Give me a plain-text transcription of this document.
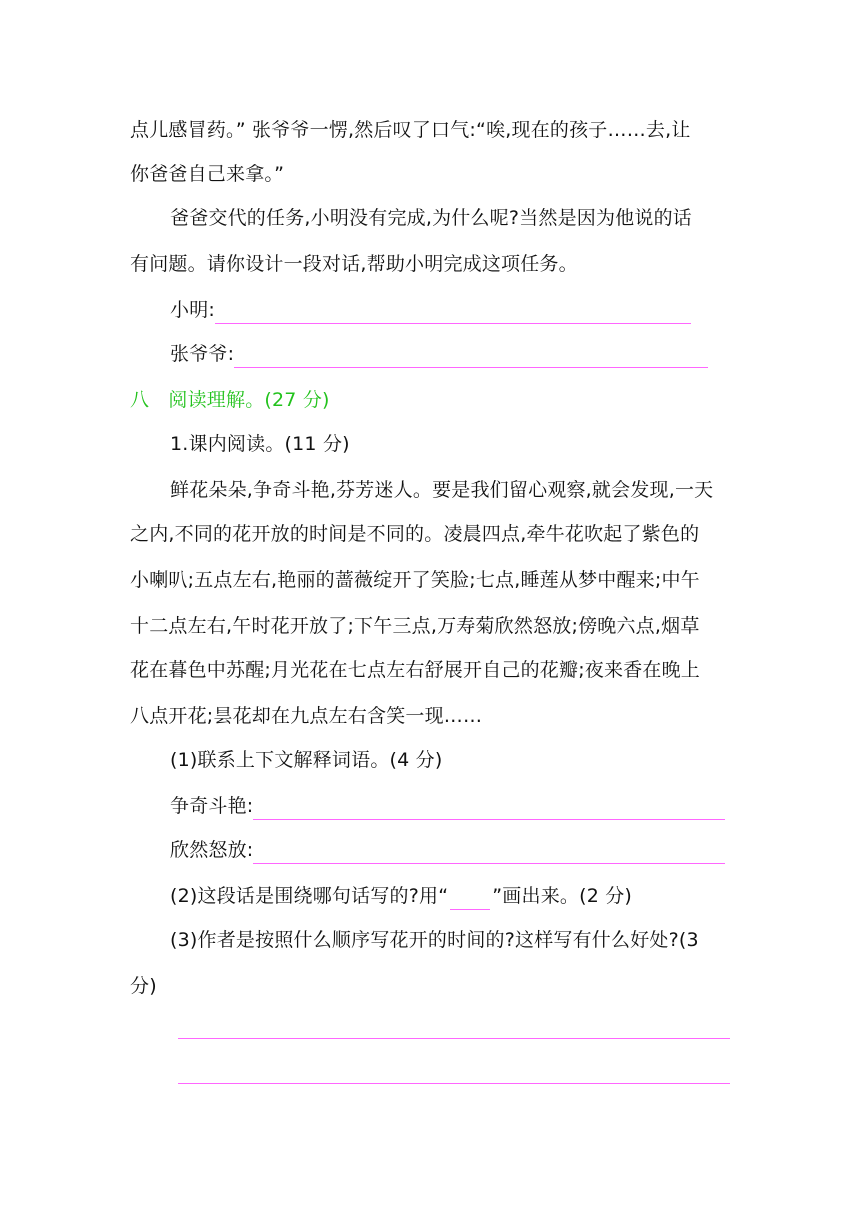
点儿感冒药。” 张爷爷一愣,然后叹了口气:“唉,现在的孩子……去,让
你爸爸自己来拿。”
爸爸交代的任务,小明没有完成,为什么呢?当然是因为他说的话
有问题。请你设计一段对话,帮助小明完成这项任务。
小明:
张爷爷:
八　阅读理解。(27 分)
1.课内阅读。(11 分)
鲜花朵朵,争奇斗艳,芬芳迷人。要是我们留心观察,就会发现,一天
之内,不同的花开放的时间是不同的。凌晨四点,牵牛花吹起了紫色的
小喇叭;五点左右,艳丽的蔷薇绽开了笑脸;七点,睡莲从梦中醒来;中午
十二点左右,午时花开放了;下午三点,万寿菊欣然怒放;傍晚六点,烟草
花在暮色中苏醒;月光花在七点左右舒展开自己的花瓣;夜来香在晚上
八点开花;昙花却在九点左右含笑一现……
(1)联系上下文解释词语。(4 分)
争奇斗艳:
欣然怒放:
(2)这段话是围绕哪句话写的?用“ ”画出来。(2 分)
(3)作者是按照什么顺序写花开的时间的?这样写有什么好处?(3
分)
